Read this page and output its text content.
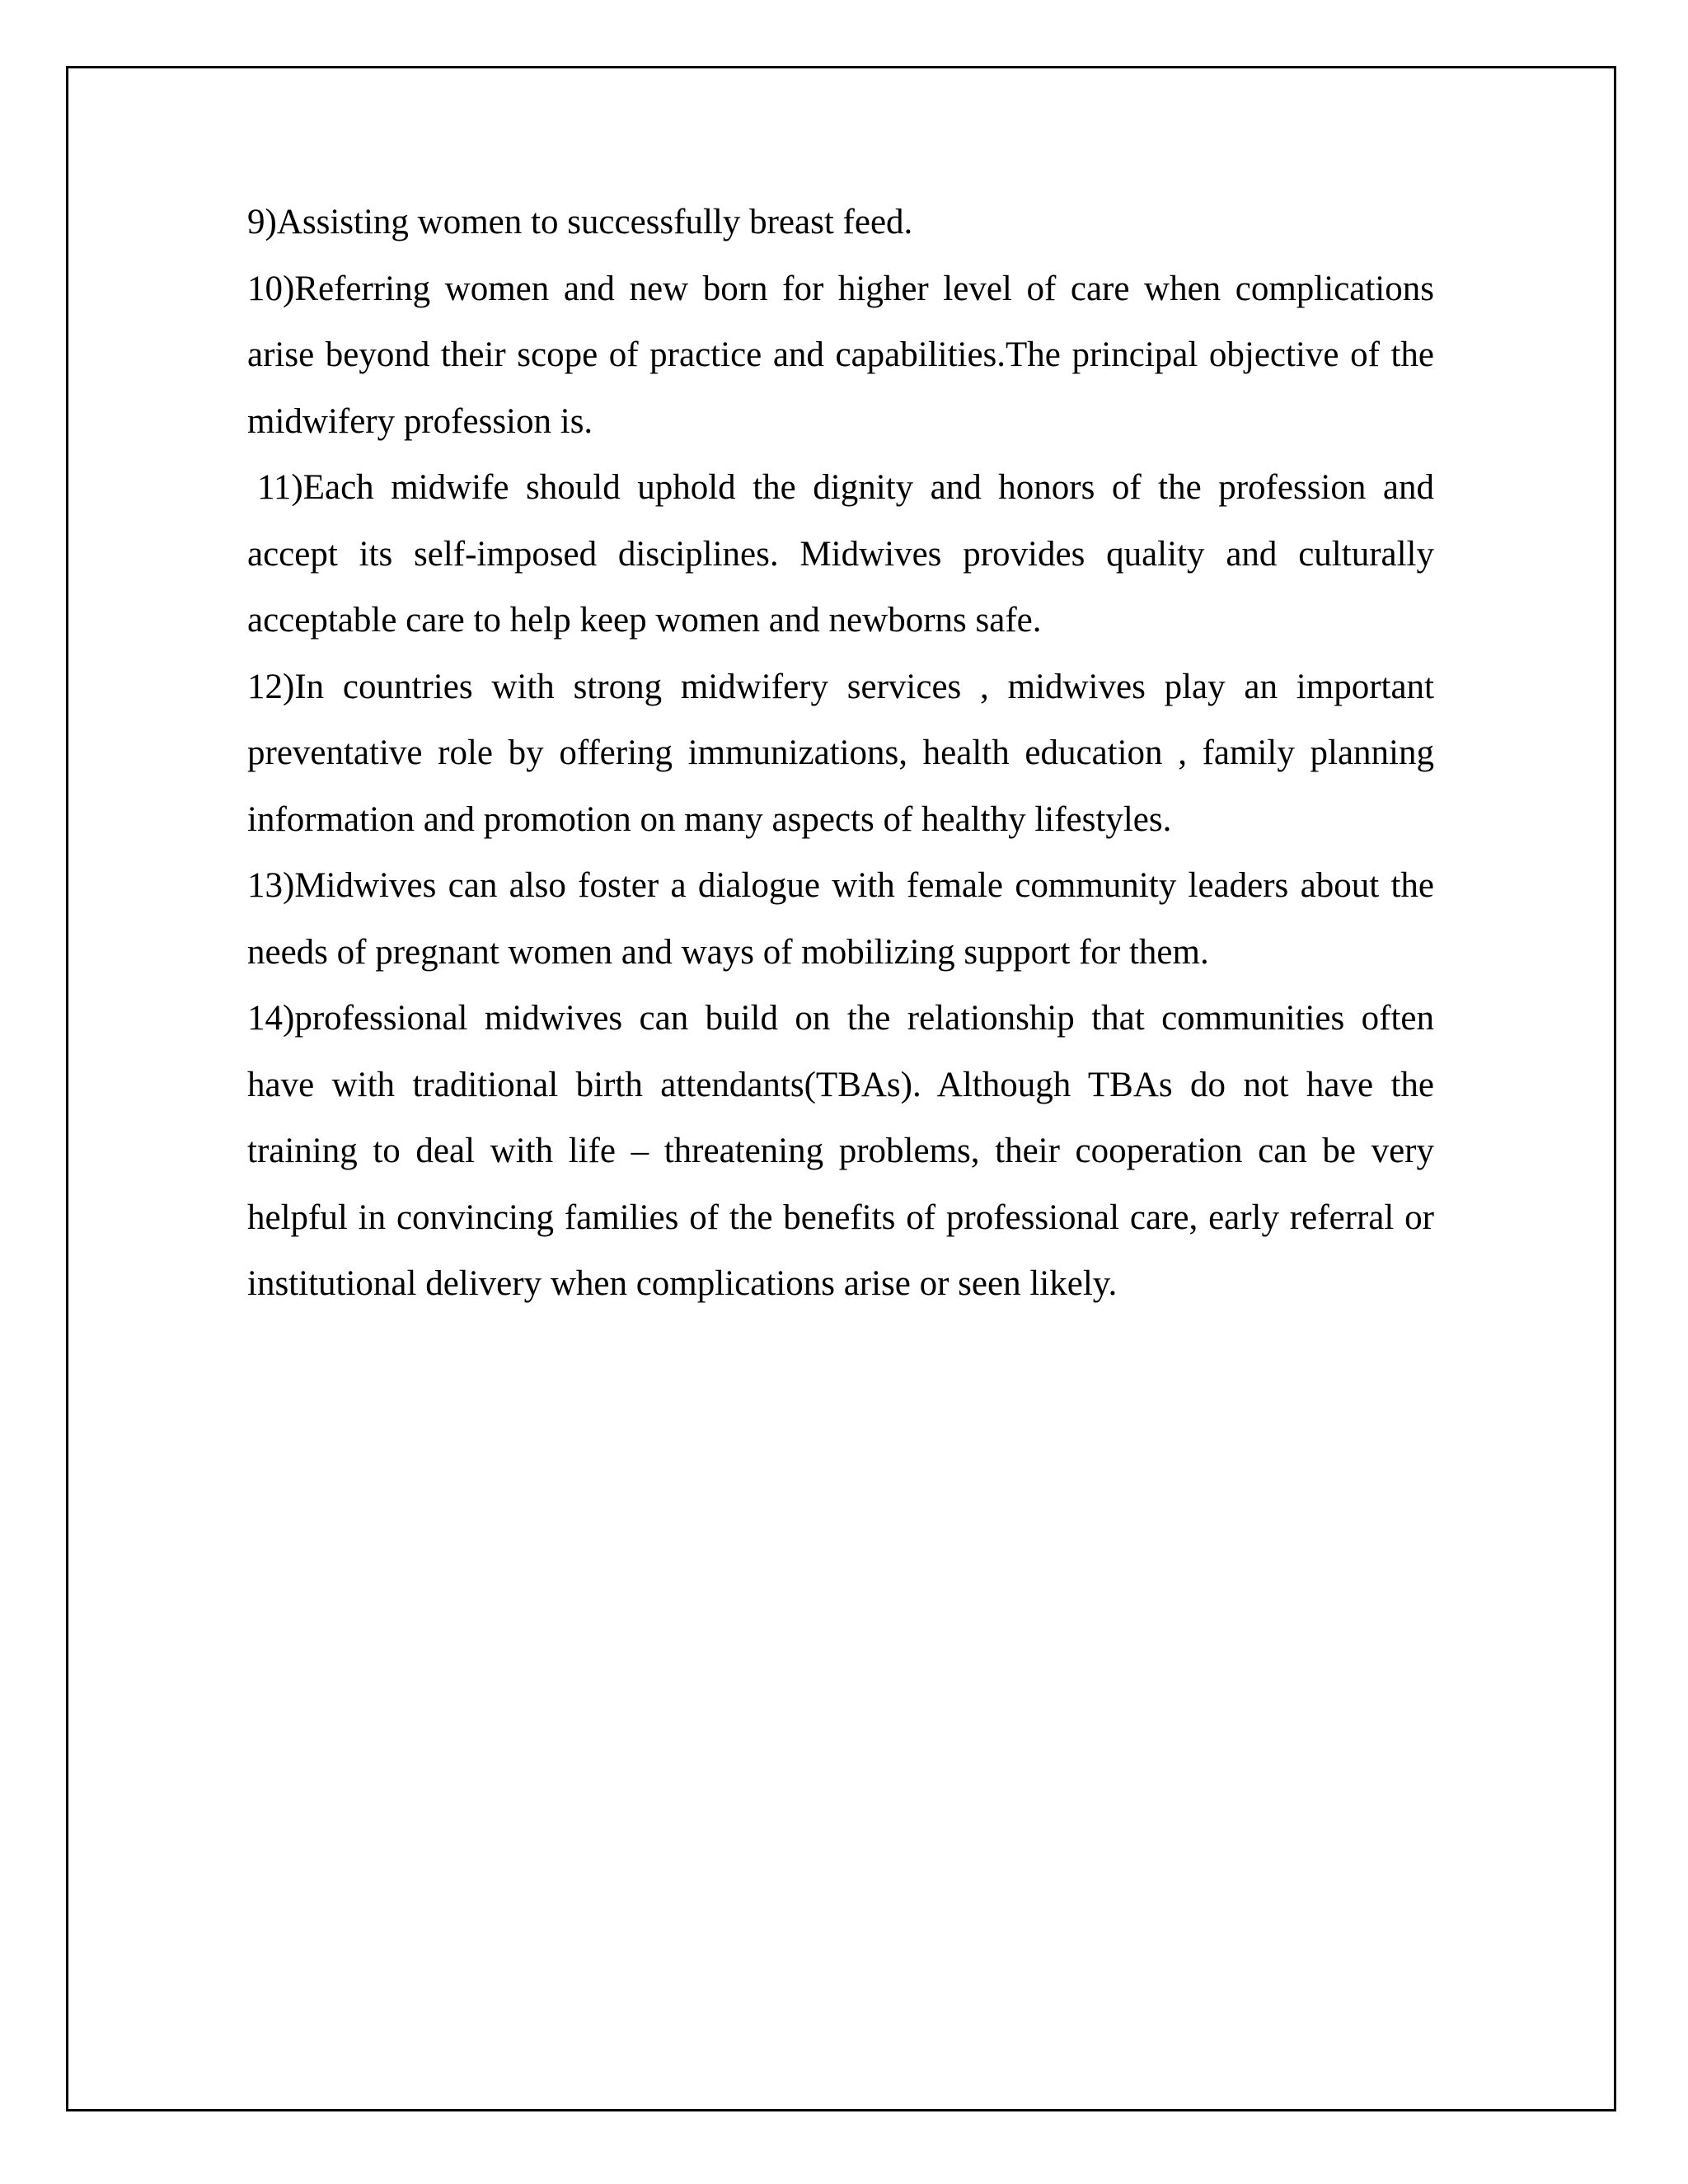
9)Assisting women to successfully breast feed.

10)Referring women and new born for higher level of care when complications arise beyond their scope of practice and capabilities.The principal objective of the midwifery profession is.

11)Each midwife should uphold the dignity and honors of the profession and accept its self-imposed disciplines. Midwives provides quality and culturally acceptable care to help keep women and newborns safe.

12)In countries with strong midwifery services , midwives play an important preventative role by offering immunizations, health education , family planning information and promotion on many aspects of healthy lifestyles.

13)Midwives can also foster a dialogue with female community leaders about the needs of pregnant women and ways of mobilizing support for them.

14)professional midwives can build on the relationship that communities often have with traditional birth attendants(TBAs). Although TBAs do not have the training to deal with life – threatening problems, their cooperation can be very helpful in convincing families of the benefits of professional care, early referral or institutional delivery when complications arise or seen likely.
